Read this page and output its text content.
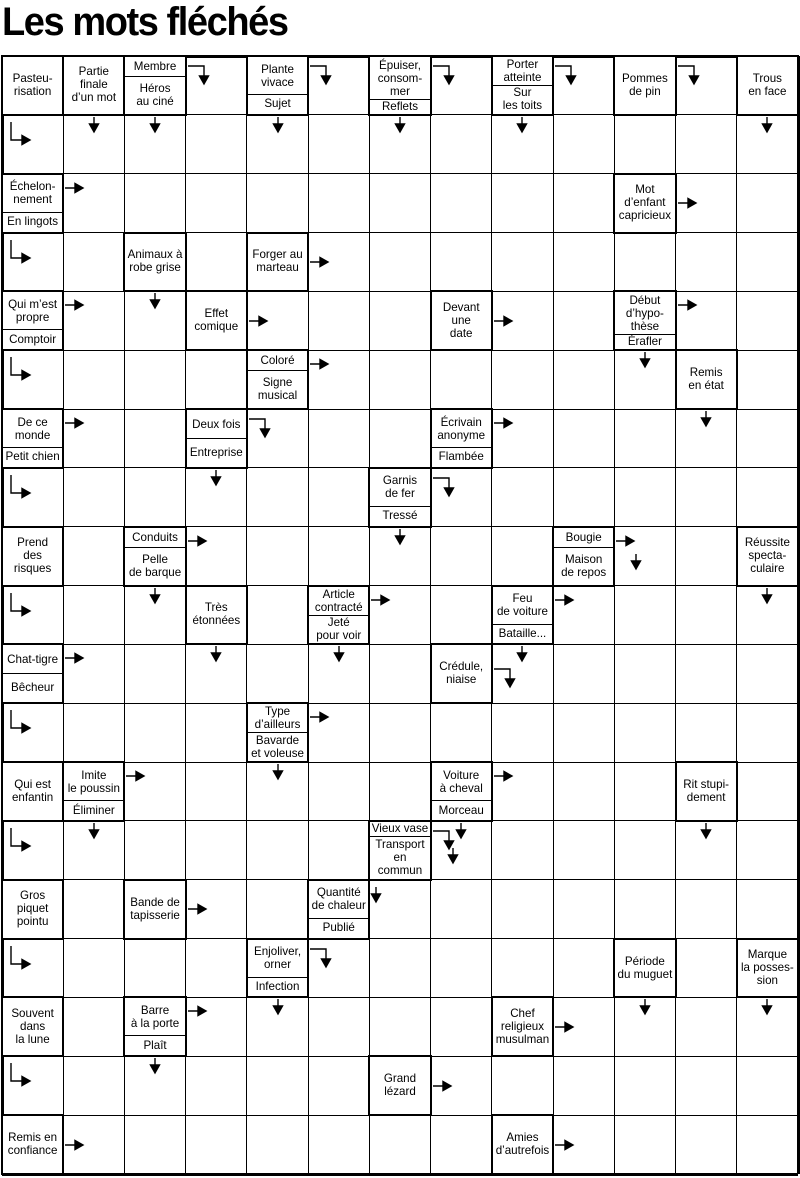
Les mots fléchés
Pasteu-
risation
Partie
finale
d’un mot
Membre
Héros
au ciné
Plante
vivace
Sujet
Épuiser,
consom-
mer
Reflets
Porter
atteinte
Sur
les toits
Pommes
de pin
Trous
en face
Échelon-
nement
En lingots
Mot
d’enfant
capricieux
Animaux à
robe grise
Forger au
marteau
Qui m’est
propre
Comptoir
Effet
comique
Devant
une
date
Début
d’hypo-
thèse
Érafler
Coloré
Signe
musical
Remis
en état
De ce
monde
Petit chien
Deux fois
Entreprise
Écrivain
anonyme
Flambée
Garnis
de fer
Tressé
Prend
des
risques
Conduits
Pelle
de barque
Bougie
Maison
de repos
Réussite
specta-
culaire
Très
étonnées
Article
contracté
Jeté
pour voir
Feu
de voiture
Bataille...
Chat-tigre
Bêcheur
Crédule,
niaise
Type
d’ailleurs
Bavarde
et voleuse
Qui est
enfantin
Imite
le poussin
Éliminer
Voiture
à cheval
Morceau
Rit stupi-
dement
Vieux vase
Transport
en
commun
Gros
piquet
pointu
Bande de
tapisserie
Quantité
de chaleur
Publié
Enjoliver,
orner
Infection
Période
du muguet
Marque
la posses-
sion
Souvent
dans
la lune
Barre
à la porte
Plaît
Chef
religieux
musulman
Grand
lézard
Remis en
confiance
Amies
d’autrefois
